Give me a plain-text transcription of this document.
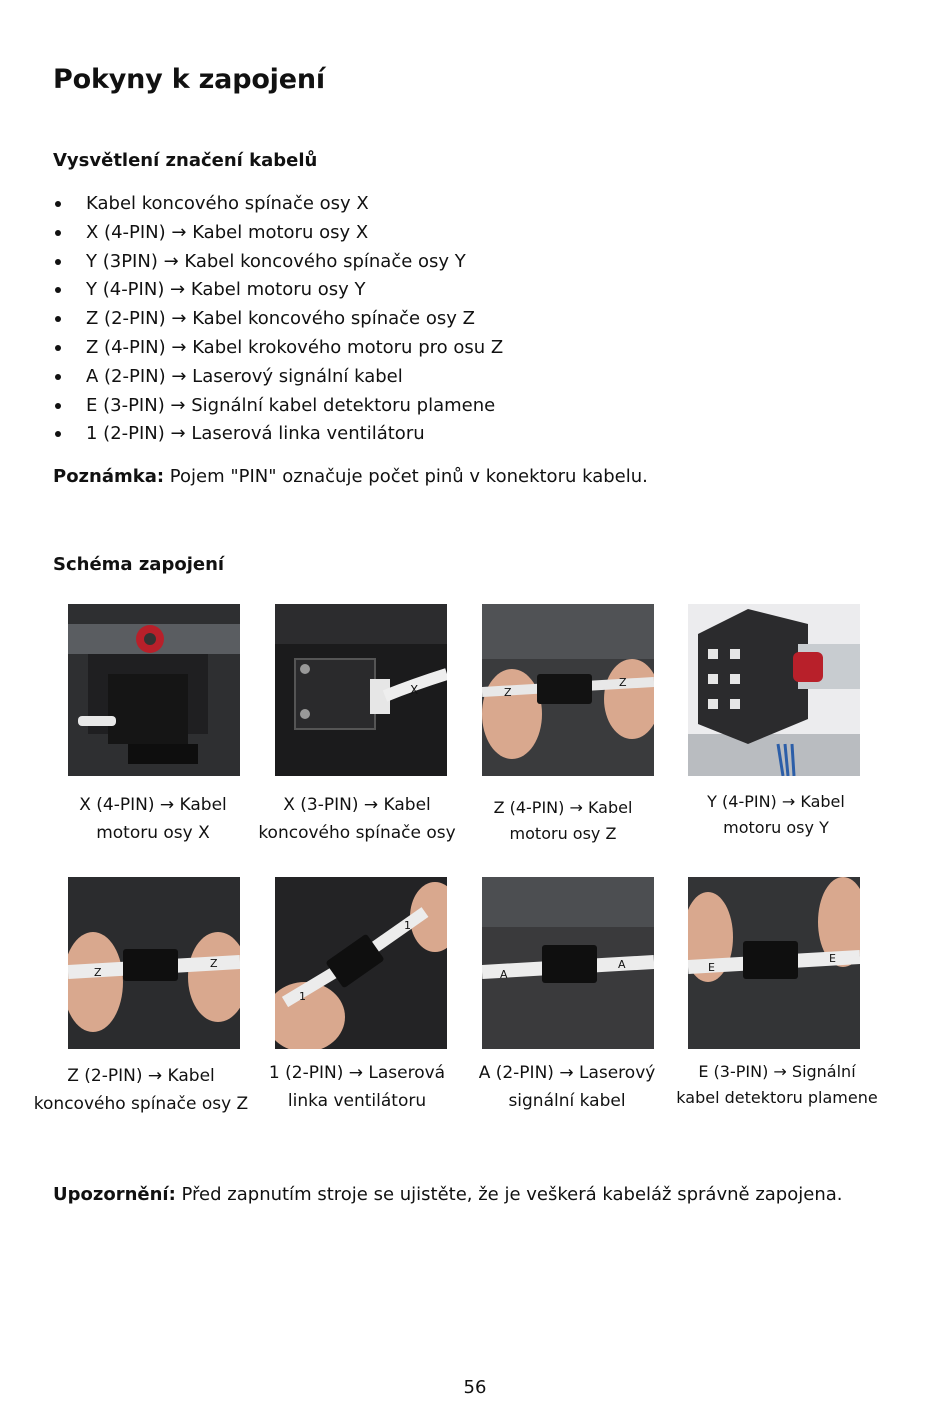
Pokyny k zapojení
Vysvětlení značení kabelů
Kabel koncového spínače osy X
X (4-PIN) → Kabel motoru osy X
Y (3PIN) → Kabel koncového spínače osy Y
Y (4-PIN) → Kabel motoru osy Y
Z (2-PIN) → Kabel koncového spínače osy Z
Z (4-PIN) → Kabel krokového motoru pro osu Z
A (2-PIN) → Laserový signální kabel
E (3-PIN) → Signální kabel detektoru plamene
1 (2-PIN) → Laserová linka ventilátoru
Poznámka: Pojem "PIN" označuje počet pinů v konektoru kabelu.
Schéma zapojení
X	Z
Z
X (4-PIN) → Kabel
motoru osy X
X (3-PIN) → Kabel
koncového spínače osy
Z (4-PIN) → Kabel
motoru osy Z
Y (4-PIN) → Kabel
motoru osy Y
Z
Z
1
1
A
A	E
E
Z (2-PIN) → Kabel
koncového spínače osy Z
1 (2-PIN) → Laserová
linka ventilátoru
A (2-PIN) → Laserový
signální kabel
E (3-PIN) → Signální
kabel detektoru plamene
Upozornění: Před zapnutím stroje se ujistěte, že je veškerá kabeláž správně zapojena.
56
